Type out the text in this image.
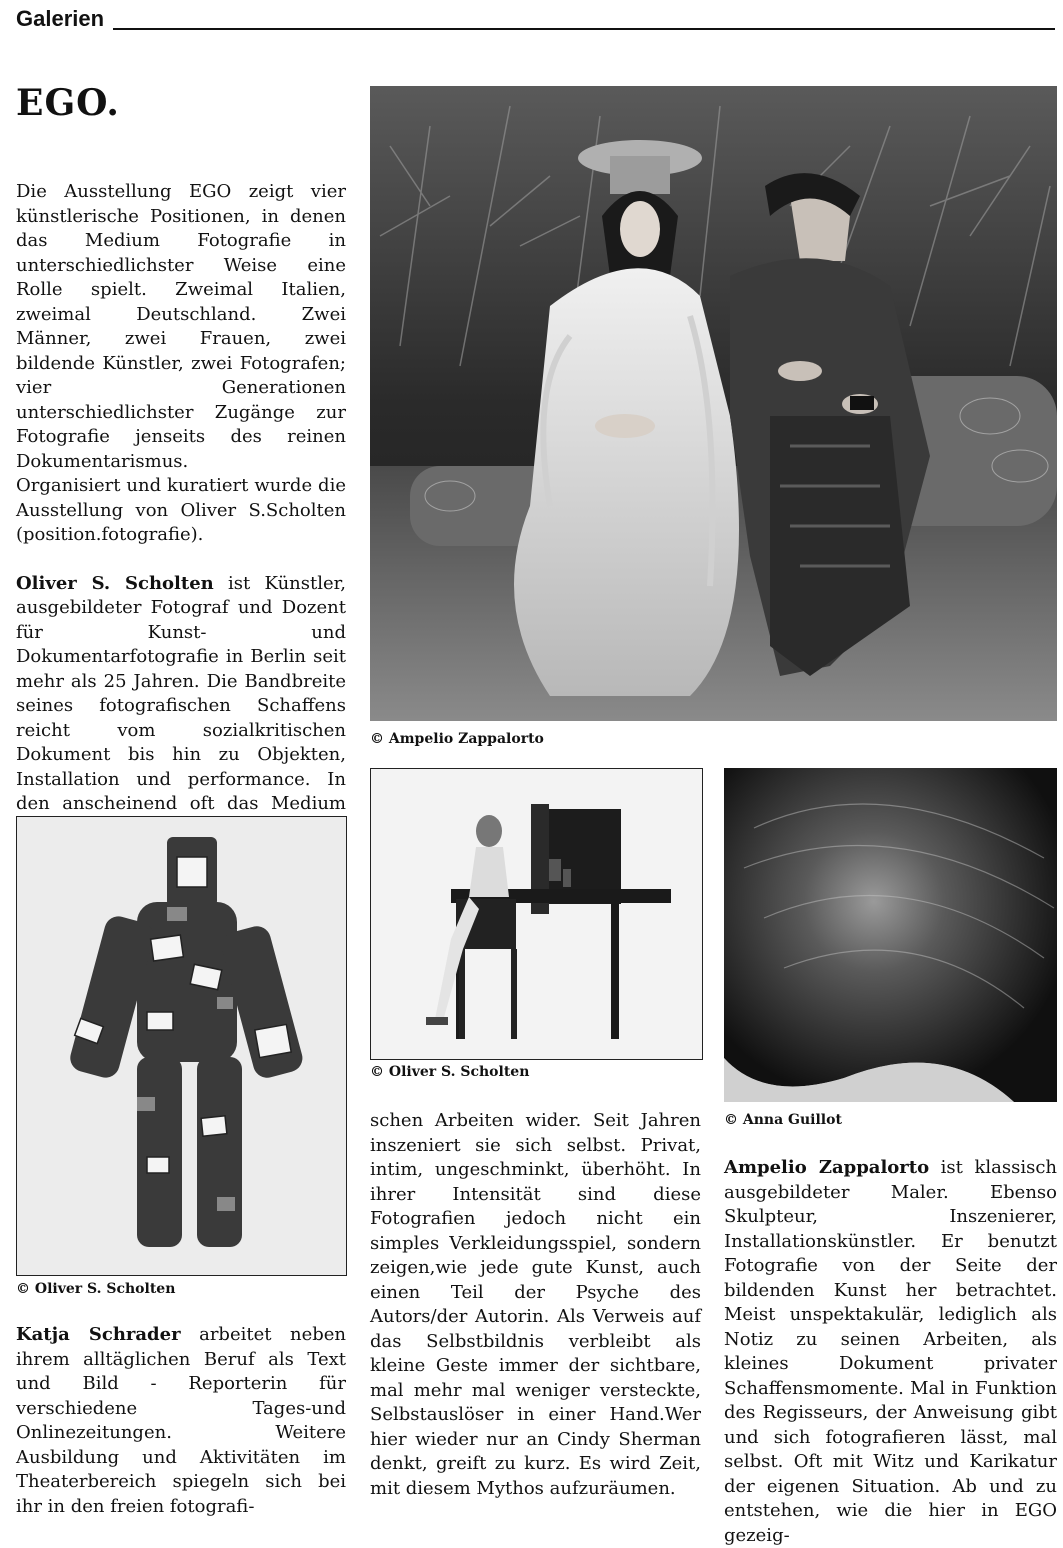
Galerien
EGO.

Die Ausstellung EGO zeigt vier künstlerische Positionen, in denen das Medium Fotografie in unterschiedlichster Weise eine Rolle spielt. Zweimal Italien, zweimal Deutschland. Zwei Männer, zwei Frauen, zwei bildende Künstler, zwei Fotografen; vier Generationen unterschiedlichster Zugänge zur Fotografie jenseits des reinen Dokumentarismus.

Organisiert und kuratiert wurde die Ausstellung von Oliver S.Scholten (position.fotografie).

Oliver S. Scholten ist Künstler, ausgebildeter Fotograf und Dozent für Kunst- und Dokumentarfotografie in Berlin seit mehr als 25 Jahren. Die Bandbreite seines fotografischen Schaffens reicht vom sozialkritischen Dokument bis hin zu Objekten, Installation und performance. In den anscheinend oft das Medium

© Ampelio Zappalorto
© Oliver S. Scholten
© Oliver S. Scholten
© Anna Guillot

Katja Schrader arbeitet neben ihrem alltäglichen Beruf als Text und Bild - Reporterin für verschiedene Tages-und Onlinezeitungen. Weitere Ausbildung und Aktivitäten im Theaterbereich spiegeln sich bei ihr in den freien fotografi-

schen Arbeiten wider. Seit Jahren inszeniert sie sich selbst. Privat, intim, ungeschminkt, überhöht. In ihrer Intensität sind diese Fotografien jedoch nicht ein simples Verkleidungsspiel, sondern zeigen,wie jede gute Kunst, auch einen Teil der Psyche des Autors/der Autorin. Als Verweis auf das Selbstbildnis verbleibt als kleine Geste immer der sichtbare, mal mehr mal weniger versteckte, Selbstauslöser in einer Hand.Wer hier wieder nur an Cindy Sherman denkt, greift zu kurz. Es wird Zeit, mit diesem Mythos aufzuräumen.

Ampelio Zappalorto ist klassisch ausgebildeter Maler. Ebenso Skulpteur, Inszenierer, Installationskünstler. Er benutzt Fotografie von der Seite der bildenden Kunst her betrachtet. Meist unspektakulär, lediglich als Notiz zu seinen Arbeiten, als kleines Dokument privater Schaffensmomente. Mal in Funktion des Regisseurs, der Anweisung gibt und sich fotografieren lässt, mal selbst. Oft mit Witz und Karikatur der eigenen Situation. Ab und zu entstehen, wie die hier in EGO gezeig-
